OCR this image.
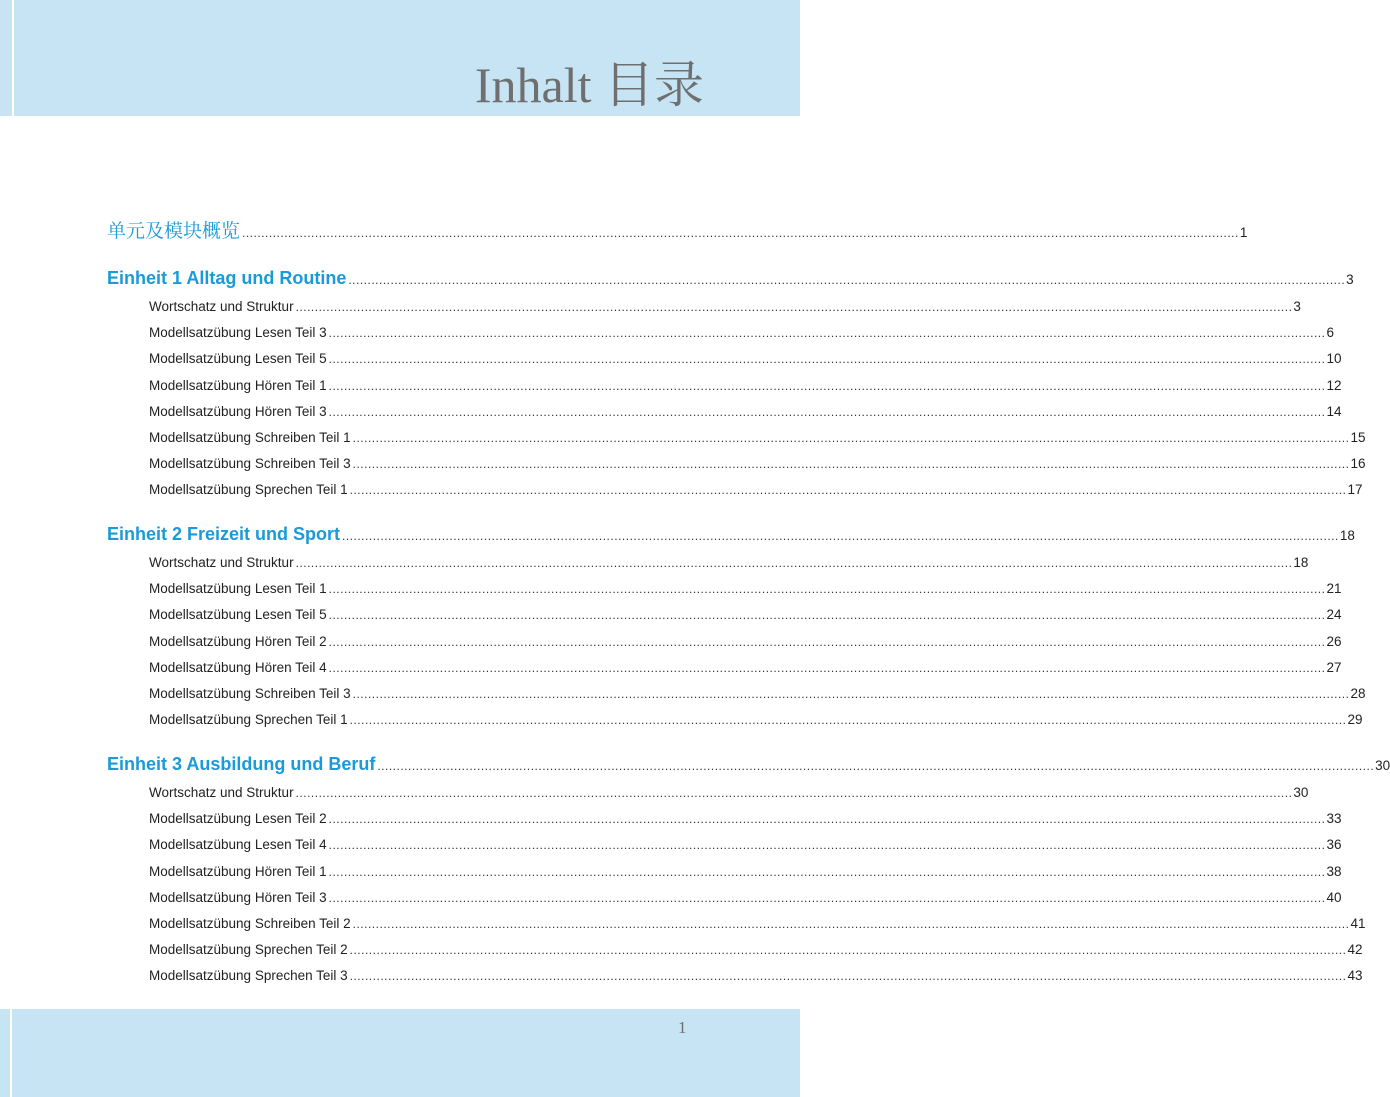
Inhalt 目录
单元及模块概览 .................................................................................................................................................................................................................................................................... 1
Einheit 1 Alltag und Routine .................................................................................................................................................................................................................................................................... 3
Wortschatz und Struktur .................................................................................................................................................................................................................................................................... 3
Modellsatzübung Lesen Teil 3 .................................................................................................................................................................................................................................................................... 6
Modellsatzübung Lesen Teil 5 .................................................................................................................................................................................................................................................................... 10
Modellsatzübung Hören Teil 1 .................................................................................................................................................................................................................................................................... 12
Modellsatzübung Hören Teil 3 .................................................................................................................................................................................................................................................................... 14
Modellsatzübung Schreiben Teil 1 .................................................................................................................................................................................................................................................................... 15
Modellsatzübung Schreiben Teil 3 .................................................................................................................................................................................................................................................................... 16
Modellsatzübung Sprechen Teil 1 .................................................................................................................................................................................................................................................................... 17
Einheit 2 Freizeit und Sport .................................................................................................................................................................................................................................................................... 18
Wortschatz und Struktur .................................................................................................................................................................................................................................................................... 18
Modellsatzübung Lesen Teil 1 .................................................................................................................................................................................................................................................................... 21
Modellsatzübung Lesen Teil 5 .................................................................................................................................................................................................................................................................... 24
Modellsatzübung Hören Teil 2 .................................................................................................................................................................................................................................................................... 26
Modellsatzübung Hören Teil 4 .................................................................................................................................................................................................................................................................... 27
Modellsatzübung Schreiben Teil 3 .................................................................................................................................................................................................................................................................... 28
Modellsatzübung Sprechen Teil 1 .................................................................................................................................................................................................................................................................... 29
Einheit 3 Ausbildung und Beruf .................................................................................................................................................................................................................................................................... 30
Wortschatz und Struktur .................................................................................................................................................................................................................................................................... 30
Modellsatzübung Lesen Teil 2 .................................................................................................................................................................................................................................................................... 33
Modellsatzübung Lesen Teil 4 .................................................................................................................................................................................................................................................................... 36
Modellsatzübung Hören Teil 1 .................................................................................................................................................................................................................................................................... 38
Modellsatzübung Hören Teil 3 .................................................................................................................................................................................................................................................................... 40
Modellsatzübung Schreiben Teil 2 .................................................................................................................................................................................................................................................................... 41
Modellsatzübung Sprechen Teil 2 .................................................................................................................................................................................................................................................................... 42
Modellsatzübung Sprechen Teil 3 .................................................................................................................................................................................................................................................................... 43
1
